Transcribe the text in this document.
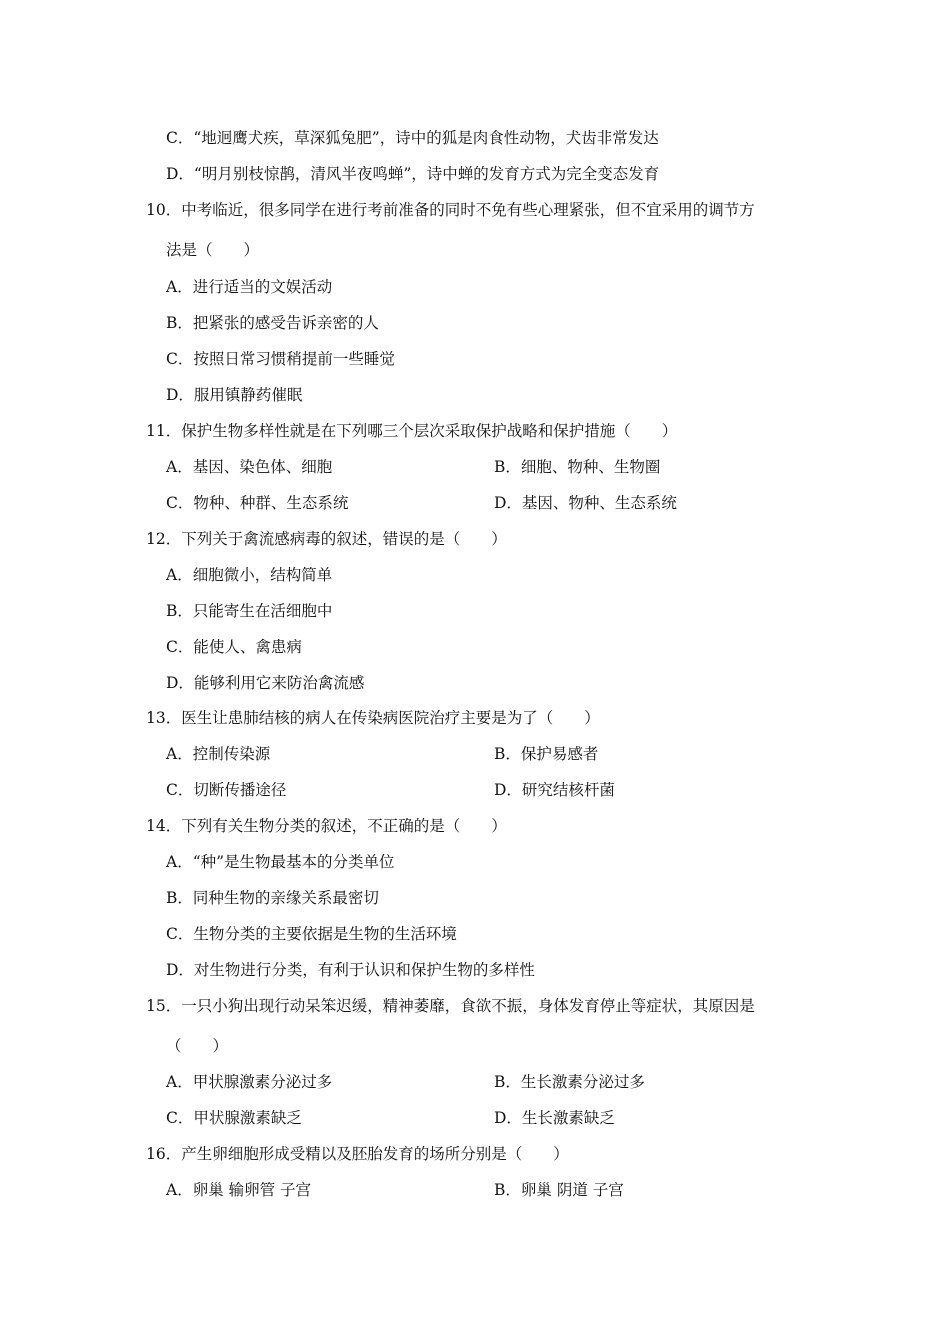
C．“地迥鹰犬疾，草深狐兔肥”，诗中的狐是肉食性动物，犬齿非常发达
D．“明月别枝惊鹊，清风半夜鸣蝉”，诗中蝉的发育方式为完全变态发育
10．中考临近，很多同学在进行考前准备的同时不免有些心理紧张，但不宜采用的调节方
法是（　　）
A．进行适当的文娱活动
B．把紧张的感受告诉亲密的人
C．按照日常习惯稍提前一些睡觉
D．服用镇静药催眠
11．保护生物多样性就是在下列哪三个层次采取保护战略和保护措施（　　）
A．基因、染色体、细胞	B．细胞、物种、生物圈
C．物种、种群、生态系统	D．基因、物种、生态系统
12．下列关于禽流感病毒的叙述，错误的是（　　）
A．细胞微小，结构简单
B．只能寄生在活细胞中
C．能使人、禽患病
D．能够利用它来防治禽流感
13．医生让患肺结核的病人在传染病医院治疗主要是为了（　　）
A．控制传染源	B．保护易感者
C．切断传播途径	D．研究结核杆菌
14．下列有关生物分类的叙述，不正确的是（　　）
A．“种”是生物最基本的分类单位
B．同种生物的亲缘关系最密切
C．生物分类的主要依据是生物的生活环境
D．对生物进行分类，有利于认识和保护生物的多样性
15．一只小狗出现行动呆笨迟缓，精神萎靡，食欲不振，身体发育停止等症状，其原因是
（　　）
A．甲状腺激素分泌过多	B．生长激素分泌过多
C．甲状腺激素缺乏	D．生长激素缺乏
16．产生卵细胞形成受精以及胚胎发育的场所分别是（　　）
A．卵巢 输卵管 子宫	B．卵巢 阴道 子宫
